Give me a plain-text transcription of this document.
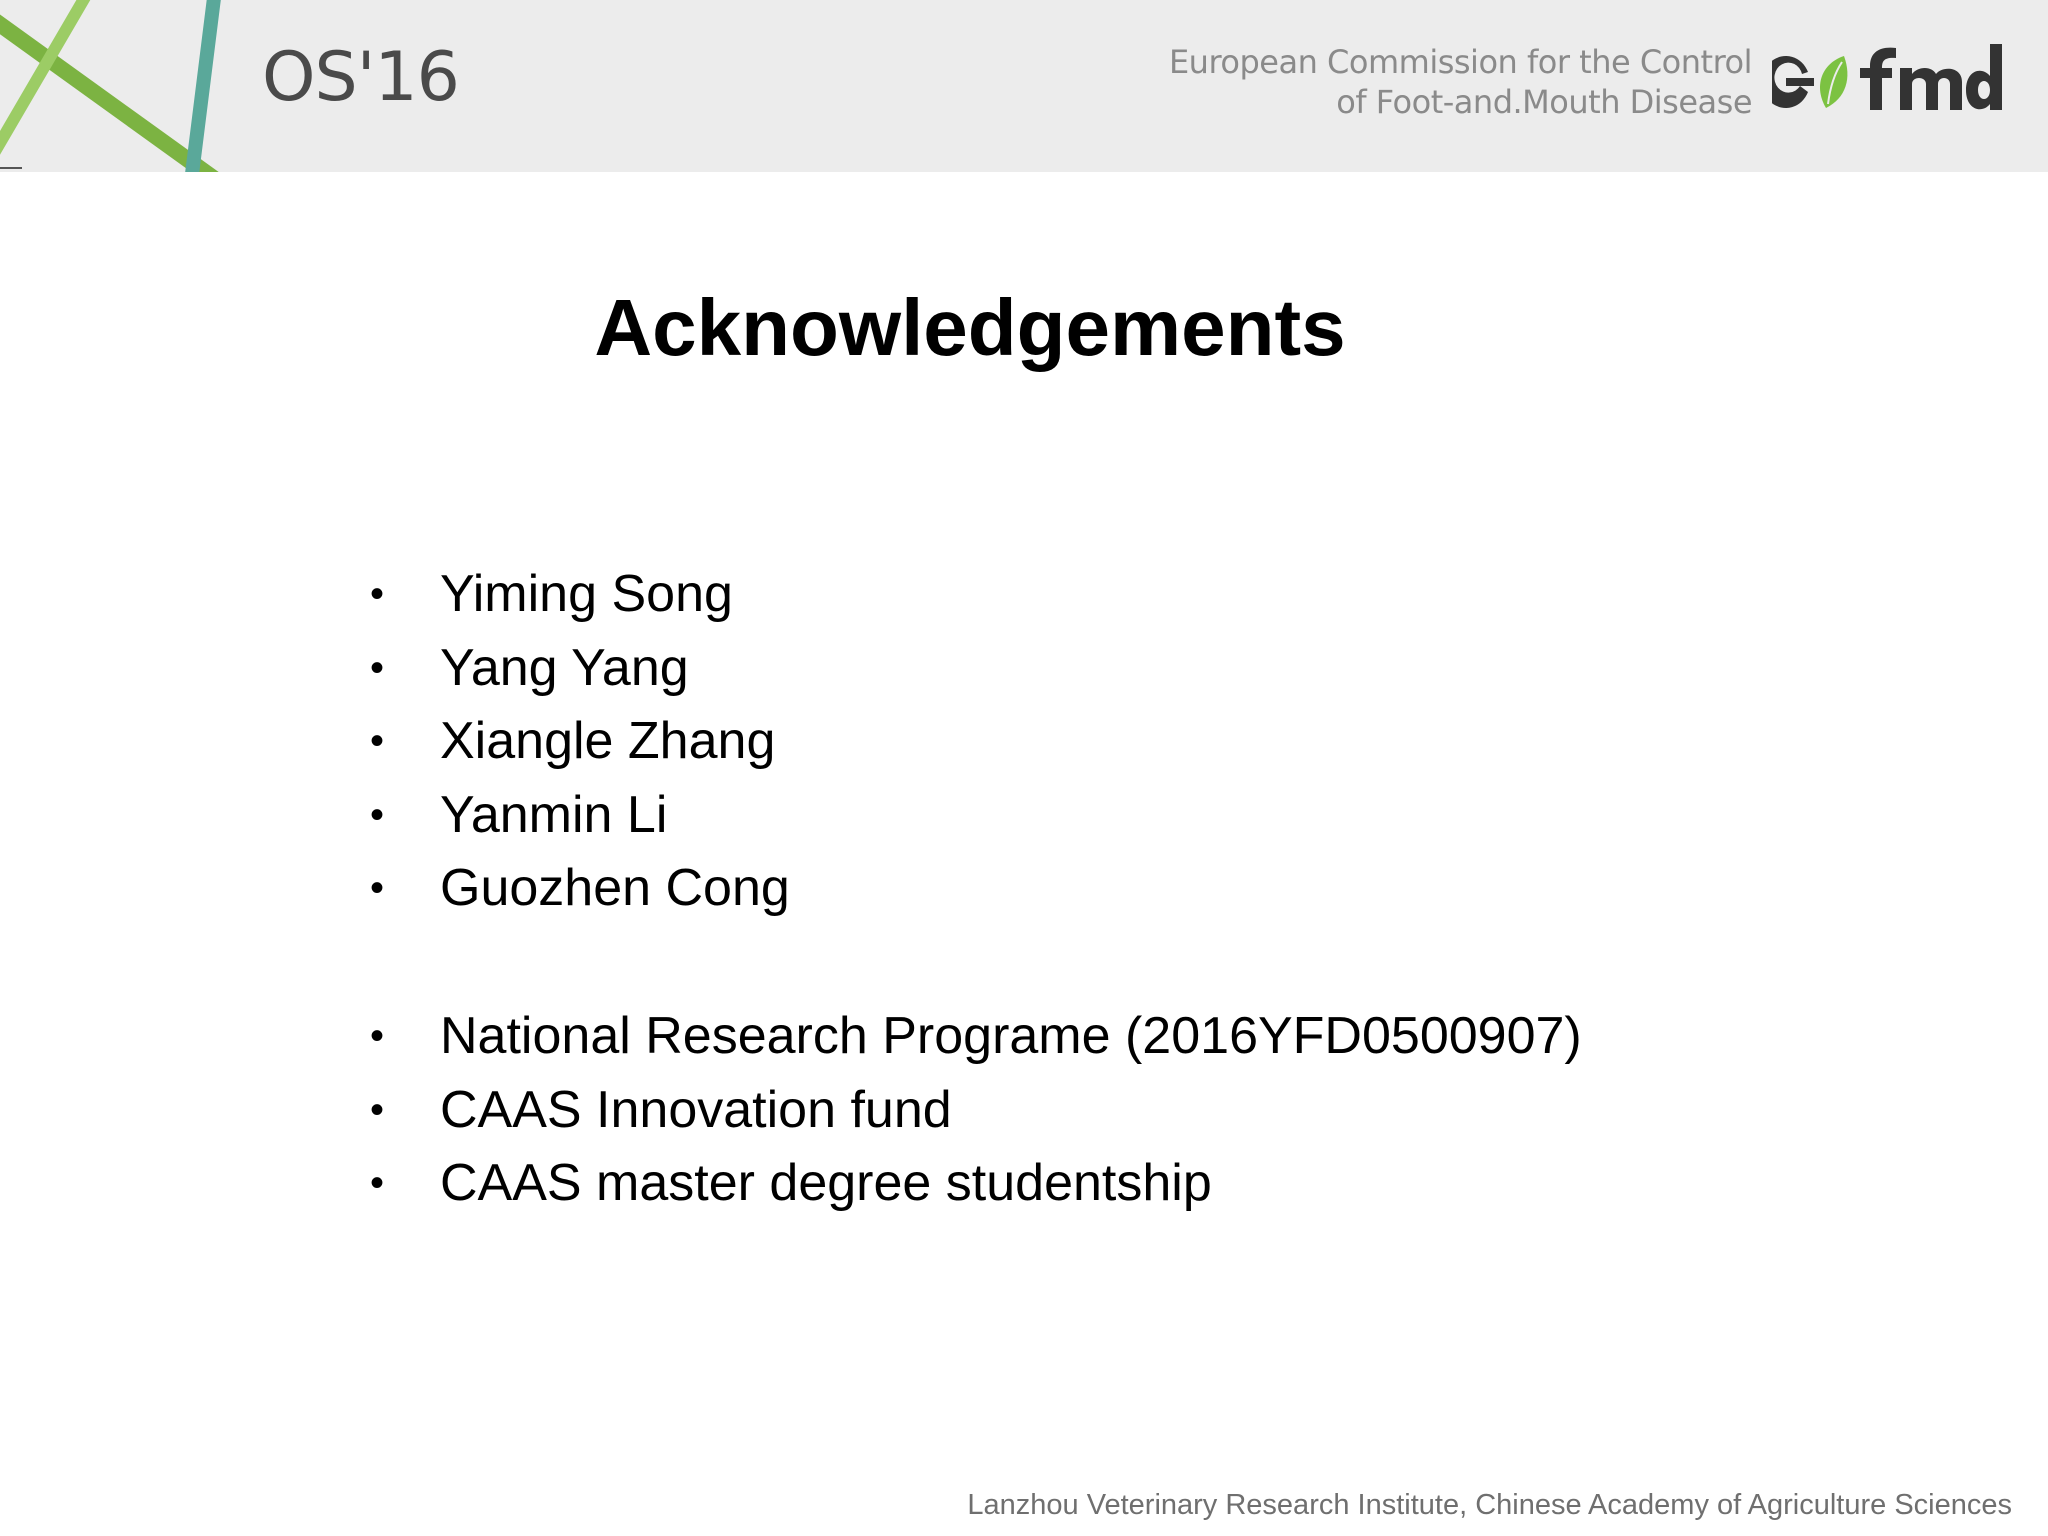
OS'16	European Commission for the Control
of Foot-and.Mouth Disease
Acknowledgements
• Yiming Song
• Yang Yang
• Xiangle Zhang
• Yanmin Li
• Guozhen Cong
• National Research Programe (2016YFD0500907)
• CAAS Innovation fund
• CAAS master degree studentship
Lanzhou Veterinary Research Institute, Chinese Academy of Agriculture Sciences
